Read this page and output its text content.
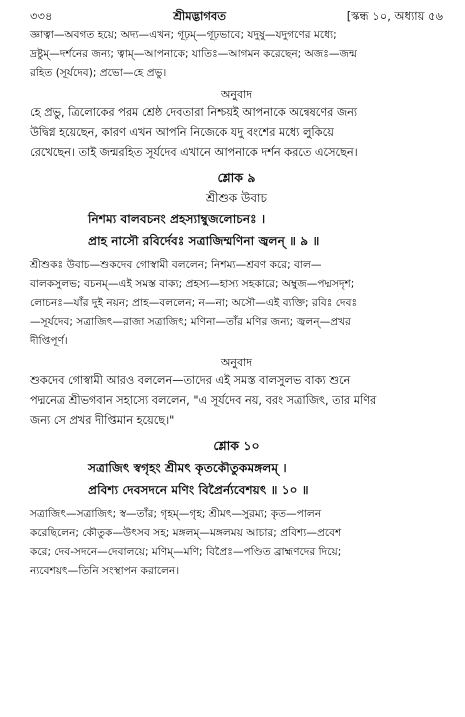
৩৩৪	শ্রীমদ্ভাগবত	[স্কন্ধ ১০, অধ্যায় ৫৬

জ্ঞাত্বা—অবগত হয়ে; অদ্য—এখন; গূঢ়ম্—গূঢ়ভাবে; যদুষু—যদুগণের মধ্যে;

দ্রষ্টুম্—দর্শনের জন্য; ত্বাম্—আপনাকে; যাতিঃ—আগমন করেছেন; অজঃ—জন্ম

রহিত (সূর্যদেব); প্রভো—হে প্রভু।

অনুবাদ

হে প্রভু, ত্রিলোকের পরম শ্রেষ্ঠ দেবতারা নিশ্চয়ই আপনাকে অন্বেষণের জন্য

উদ্বিগ্ন হয়েছেন, কারণ এখন আপনি নিজেকে যদু বংশের মধ্যে লুকিয়ে

রেখেছেন। তাই জন্মরহিত সূর্যদেব এখানে আপনাকে দর্শন করতে এসেছেন।

শ্লোক ৯
শ্রীশুক উবাচ

নিশম্য বালবচনং প্রহস্যাম্বুজলোচনঃ ।

প্রাহ নাসৌ রবির্দেবঃ সত্রাজিম্মণিনা জ্বলন্ ॥ ৯ ॥

শ্রীশুকঃ উবাচ—শুকদেব গোস্বামী বললেন; নিশম্য—শ্রবণ করে; বাল—

বালকসুলভ; বচনম্—এই সমস্ত বাক্য; প্রহস্য—হাস্য সহকারে; অম্বুজ—পদ্মসদৃশ;

লোচনঃ—যাঁর দুই নয়ন; প্রাহ—বললেন; ন—না; অসৌ—এই ব্যক্তি; রবিঃ দেবঃ

—সূর্যদেব; সত্রাজিৎ—রাজা সত্রাজিৎ; মণিনা—তাঁর মণির জন্য; জ্বলন্—প্রখর

দীপ্তিপূর্ণ।

অনুবাদ

শুকদেব গোস্বামী আরও বললেন—তাদের এই সমস্ত বালসুলভ বাক্য শুনে

পদ্মনেত্র শ্রীভগবান সহাস্যে বললেন, "এ সূর্যদেব নয়, বরং সত্রাজিৎ, তার মণির

জন্য সে প্রখর দীপ্তিমান হয়েছে।"

শ্লোক ১০

সত্রাজিৎ স্বগৃহং শ্রীমৎ কৃতকৌতুকমঙ্গলম্ ।

প্রবিশ্য দেবসদনে মণিং বিপ্রৈর্ন্যবেশয়ৎ ॥ ১০ ॥

সত্রাজিৎ—সত্রাজিৎ; স্ব—তাঁর; গৃহম্—গৃহ; শ্রীমৎ—সুরম্য; কৃত—পালন

করেছিলেন; কৌতুক—উৎসব সহ; মঙ্গলম্—মঙ্গলময় আচার; প্রবিশ্য—প্রবেশ

করে; দেব-সদনে—দেবালয়ে; মণিম্—মণি; বিপ্রৈঃ—পণ্ডিত ব্রাহ্মণদের দিয়ে;

ন্যবেশয়ৎ—তিনি সংস্থাপন করালেন।
